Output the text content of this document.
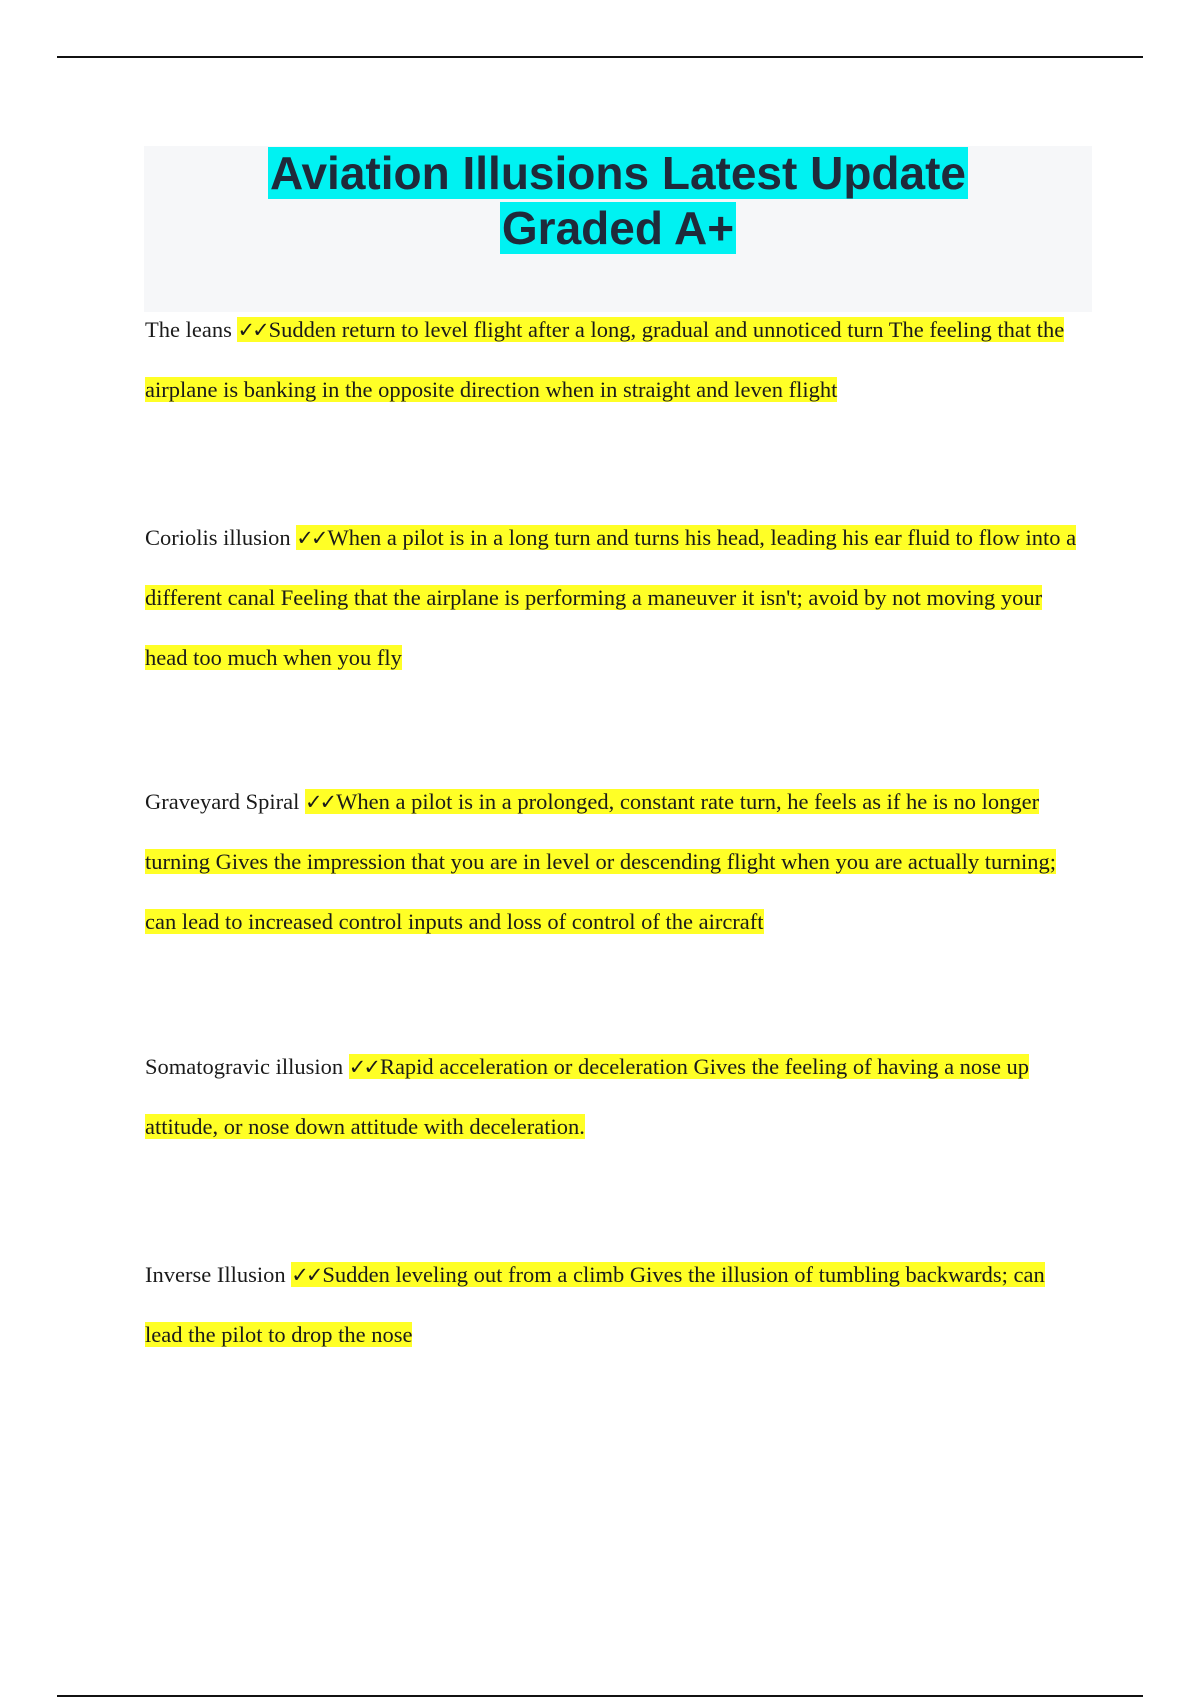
Aviation Illusions Latest Update
Graded A+

The leans ✓✓Sudden return to level flight after a long, gradual and unnoticed turn The feeling that the airplane is banking in the opposite direction when in straight and leven flight

Coriolis illusion ✓✓When a pilot is in a long turn and turns his head, leading his ear fluid to flow into a different canal Feeling that the airplane is performing a maneuver it isn't; avoid by not moving your head too much when you fly

Graveyard Spiral ✓✓When a pilot is in a prolonged, constant rate turn, he feels as if he is no longer turning Gives the impression that you are in level or descending flight when you are actually turning; can lead to increased control inputs and loss of control of the aircraft

Somatogravic illusion ✓✓Rapid acceleration or deceleration Gives the feeling of having a nose up attitude, or nose down attitude with deceleration.

Inverse Illusion ✓✓Sudden leveling out from a climb Gives the illusion of tumbling backwards; can lead the pilot to drop the nose
